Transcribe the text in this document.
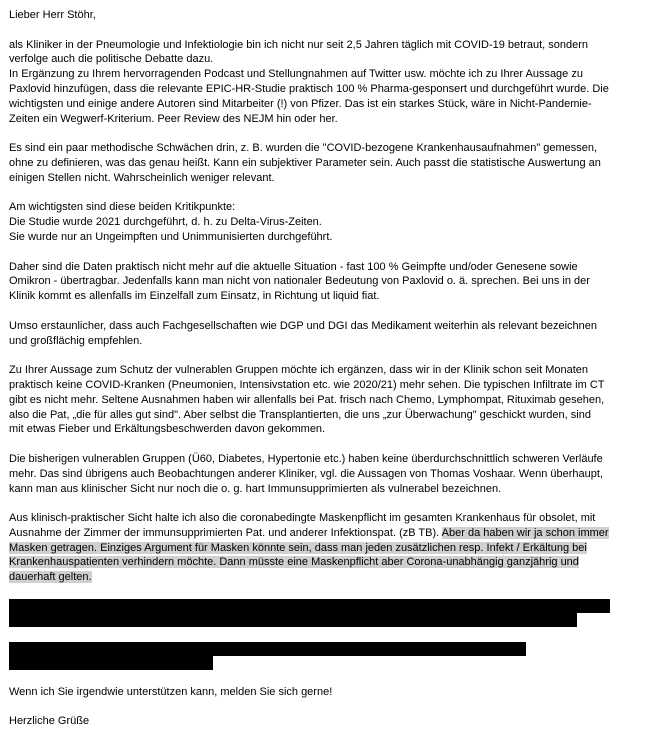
Lieber Herr Stöhr,

als Kliniker in der Pneumologie und Infektiologie bin ich nicht nur seit 2,5 Jahren täglich mit COVID-19 betraut, sondern
verfolge auch die politische Debatte dazu.
In Ergänzung zu Ihrem hervorragenden Podcast und Stellungnahmen auf Twitter usw. möchte ich zu Ihrer Aussage zu
Paxlovid hinzufügen, dass die relevante EPIC-HR-Studie praktisch 100 % Pharma-gesponsert und durchgeführt wurde. Die
wichtigsten und einige andere Autoren sind Mitarbeiter (!) von Pfizer. Das ist ein starkes Stück, wäre in Nicht-Pandemie-
Zeiten ein Wegwerf-Kriterium. Peer Review des NEJM hin oder her.

Es sind ein paar methodische Schwächen drin, z. B. wurden die "COVID-bezogene Krankenhausaufnahmen" gemessen,
ohne zu definieren, was das genau heißt. Kann ein subjektiver Parameter sein. Auch passt die statistische Auswertung an
einigen Stellen nicht. Wahrscheinlich weniger relevant.

Am wichtigsten sind diese beiden Kritikpunkte:
Die Studie wurde 2021 durchgeführt, d. h. zu Delta-Virus-Zeiten.
Sie wurde nur an Ungeimpften und Unimmunisierten durchgeführt.

Daher sind die Daten praktisch nicht mehr auf die aktuelle Situation - fast 100 % Geimpfte und/oder Genesene sowie
Omikron - übertragbar. Jedenfalls kann man nicht von nationaler Bedeutung von Paxlovid o. ä. sprechen. Bei uns in der
Klinik kommt es allenfalls im Einzelfall zum Einsatz, in Richtung ut liquid fiat.

Umso erstaunlicher, dass auch Fachgesellschaften wie DGP und DGI das Medikament weiterhin als relevant bezeichnen
und großflächig empfehlen.

Zu Ihrer Aussage zum Schutz der vulnerablen Gruppen möchte ich ergänzen, dass wir in der Klinik schon seit Monaten
praktisch keine COVID-Kranken (Pneumonien, Intensivstation etc. wie 2020/21) mehr sehen. Die typischen Infiltrate im CT
gibt es nicht mehr. Seltene Ausnahmen haben wir allenfalls bei Pat. frisch nach Chemo, Lymphompat, Rituximab gesehen,
also die Pat, „die für alles gut sind". Aber selbst die Transplantierten, die uns „zur Überwachung" geschickt wurden, sind
mit etwas Fieber und Erkältungsbeschwerden davon gekommen.

Die bisherigen vulnerablen Gruppen (Ü60, Diabetes, Hypertonie etc.) haben keine überdurchschnittlich schweren Verläufe
mehr. Das sind übrigens auch Beobachtungen anderer Kliniker, vgl. die Aussagen von Thomas Voshaar. Wenn überhaupt,
kann man aus klinischer Sicht nur noch die o. g. hart Immunsupprimierten als vulnerabel bezeichnen.

Aus klinisch-praktischer Sicht halte ich also die coronabedingte Maskenpflicht im gesamten Krankenhaus für obsolet, mit
Ausnahme der Zimmer der immunsupprimierten Pat. und anderer Infektionspat. (zB TB). Aber da haben wir ja schon immer
Masken getragen. Einziges Argument für Masken könnte sein, dass man jeden zusätzlichen resp. Infekt / Erkältung bei
Krankenhauspatienten verhindern möchte. Dann müsste eine Maskenpflicht aber Corona-unabhängig ganzjährig und
dauerhaft gelten.

Wenn ich Sie irgendwie unterstützen kann, melden Sie sich gerne!

Herzliche Grüße
